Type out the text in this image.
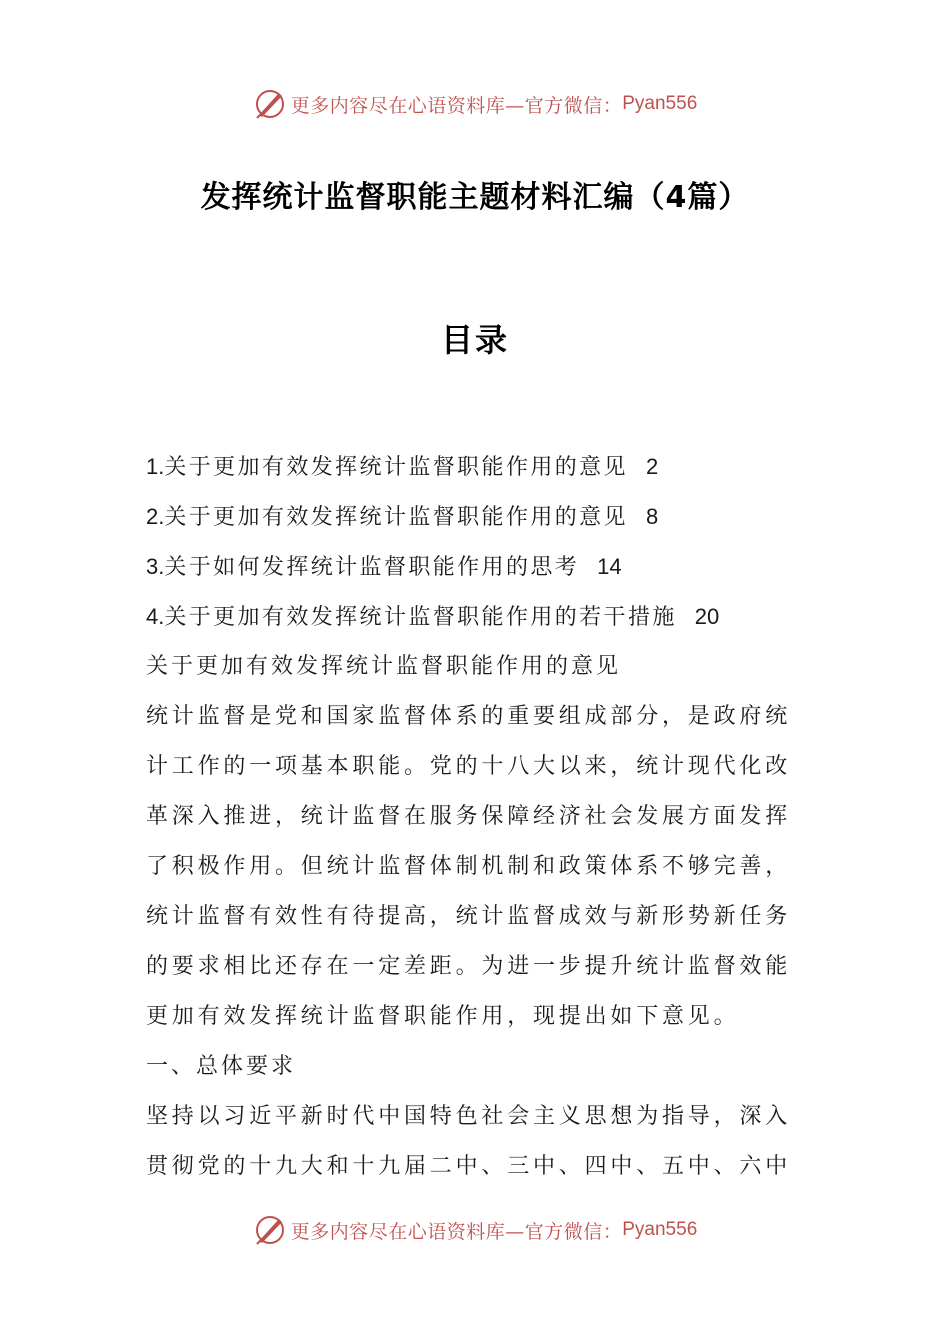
更多内容尽在心语资料库—官方微信： Pyan556
发挥统计监督职能主题材料汇编（4篇）
目录
1.关于更加有效发挥统计监督职能作用的意见 2
2.关于更加有效发挥统计监督职能作用的意见 8
3.关于如何发挥统计监督职能作用的思考 14
4.关于更加有效发挥统计监督职能作用的若干措施 20
关于更加有效发挥统计监督职能作用的意见
统计监督是党和国家监督体系的重要组成部分，是政府统
计工作的一项基本职能。党的十八大以来，统计现代化改
革深入推进，统计监督在服务保障经济社会发展方面发挥
了积极作用。但统计监督体制机制和政策体系不够完善，
统计监督有效性有待提高，统计监督成效与新形势新任务
的要求相比还存在一定差距。为进一步提升统计监督效能
更加有效发挥统计监督职能作用，现提出如下意见。
一、总体要求
坚持以习近平新时代中国特色社会主义思想为指导，深入
贯彻党的十九大和十九届二中、三中、四中、五中、六中
更多内容尽在心语资料库—官方微信： Pyan556
